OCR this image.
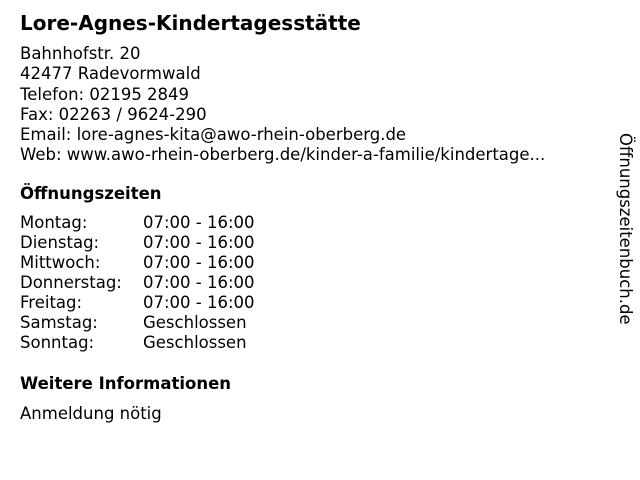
Lore-Agnes-Kindertagesstätte
Bahnhofstr. 20
42477 Radevormwald
Telefon: 02195 2849
Fax: 02263 / 9624-290
Email: lore-agnes-kita@awo-rhein-oberberg.de
Web: www.awo-rhein-oberberg.de/kinder-a-familie/kindertage...
Öffnungszeiten
Montag:	07:00 - 16:00
Dienstag:	07:00 - 16:00
Mittwoch:	07:00 - 16:00
Donnerstag:	07:00 - 16:00
Freitag:	07:00 - 16:00
Samstag:	Geschlossen
Sonntag:	Geschlossen
Weitere Informationen
Anmeldung nötig
Öffnungszeitenbuch.de
